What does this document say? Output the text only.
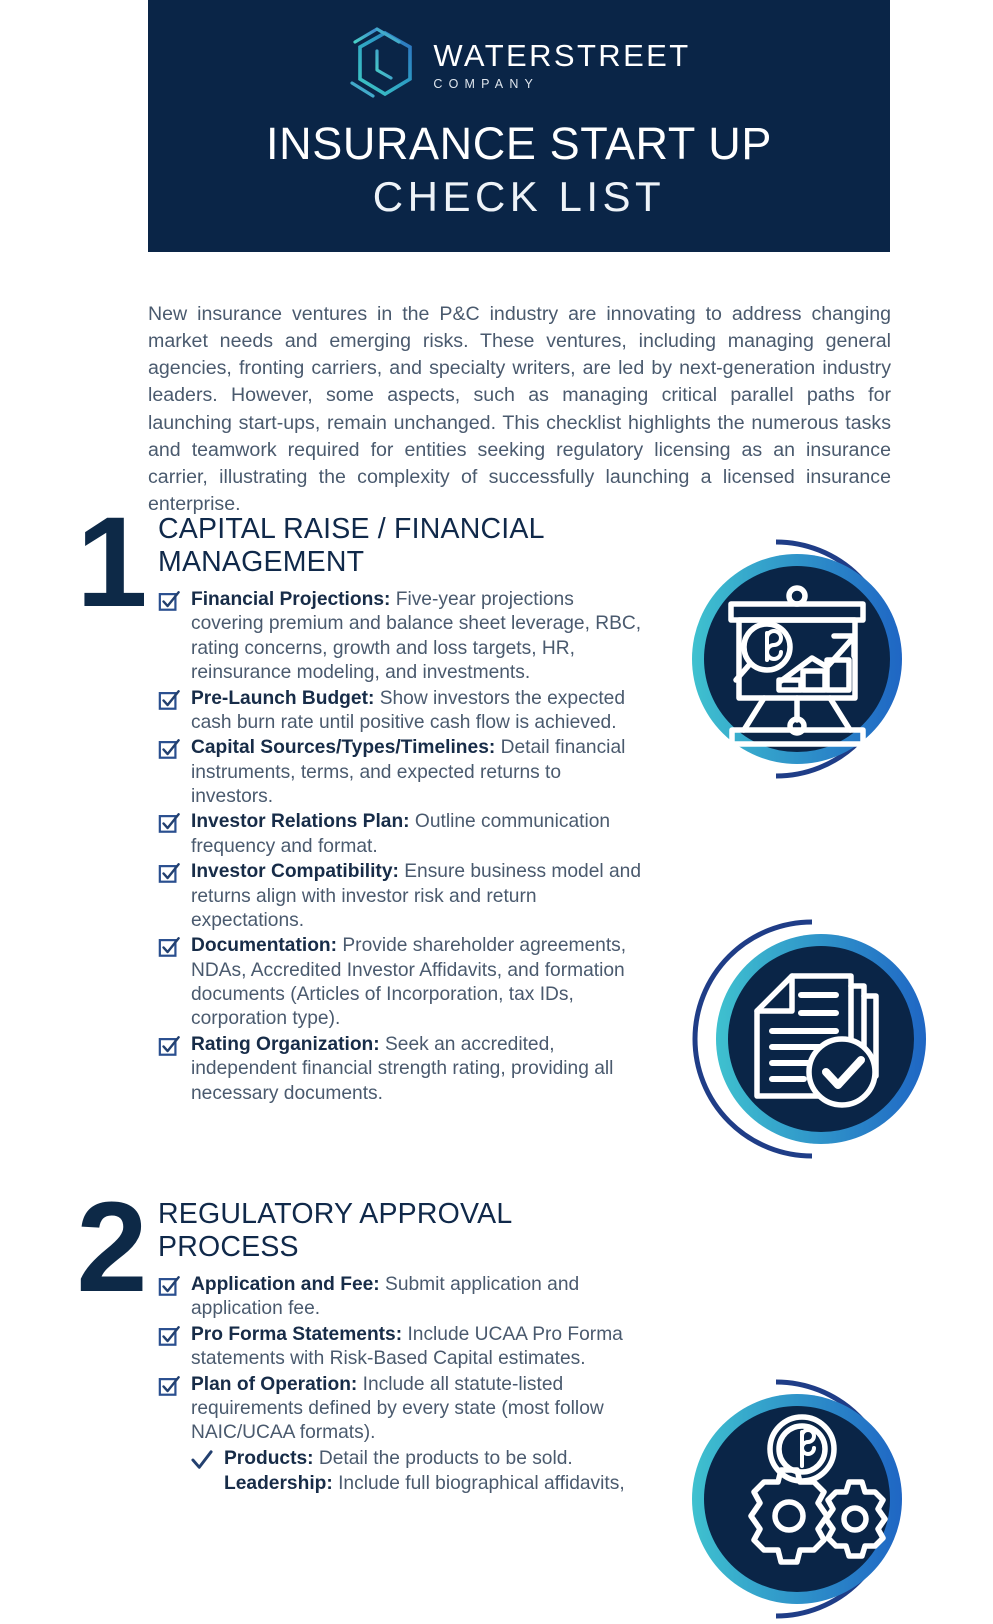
WATERSTREET
COMPANY
INSURANCE START UP
CHECK LIST

New insurance ventures in the P&C industry are innovating to address changing market needs and emerging risks. These ventures, including managing general agencies, fronting carriers, and specialty writers, are led by next-generation industry leaders. However, some aspects, such as managing critical parallel paths for launching start-ups, remain unchanged. This checklist highlights the numerous tasks and teamwork required for entities seeking regulatory licensing as an insurance carrier, illustrating the complexity of successfully launching a licensed insurance enterprise.

1 CAPITAL RAISE / FINANCIAL MANAGEMENT
Financial Projections: Five-year projections covering premium and balance sheet leverage, RBC, rating concerns, growth and loss targets, HR, reinsurance modeling, and investments.
Pre-Launch Budget: Show investors the expected cash burn rate until positive cash flow is achieved.
Capital Sources/Types/Timelines: Detail financial instruments, terms, and expected returns to investors.
Investor Relations Plan: Outline communication frequency and format.
Investor Compatibility: Ensure business model and returns align with investor risk and return expectations.
Documentation: Provide shareholder agreements, NDAs, Accredited Investor Affidavits, and formation documents (Articles of Incorporation, tax IDs, corporation type).
Rating Organization: Seek an accredited, independent financial strength rating, providing all necessary documents.
2 REGULATORY APPROVAL PROCESS
Application and Fee: Submit application and application fee.
Pro Forma Statements: Include UCAA Pro Forma statements with Risk-Based Capital estimates.
Plan of Operation: Include all statute-listed requirements defined by every state (most follow NAIC/UCAA formats).
Products: Detail the products to be sold.
Leadership: Include full biographical affidavits,
